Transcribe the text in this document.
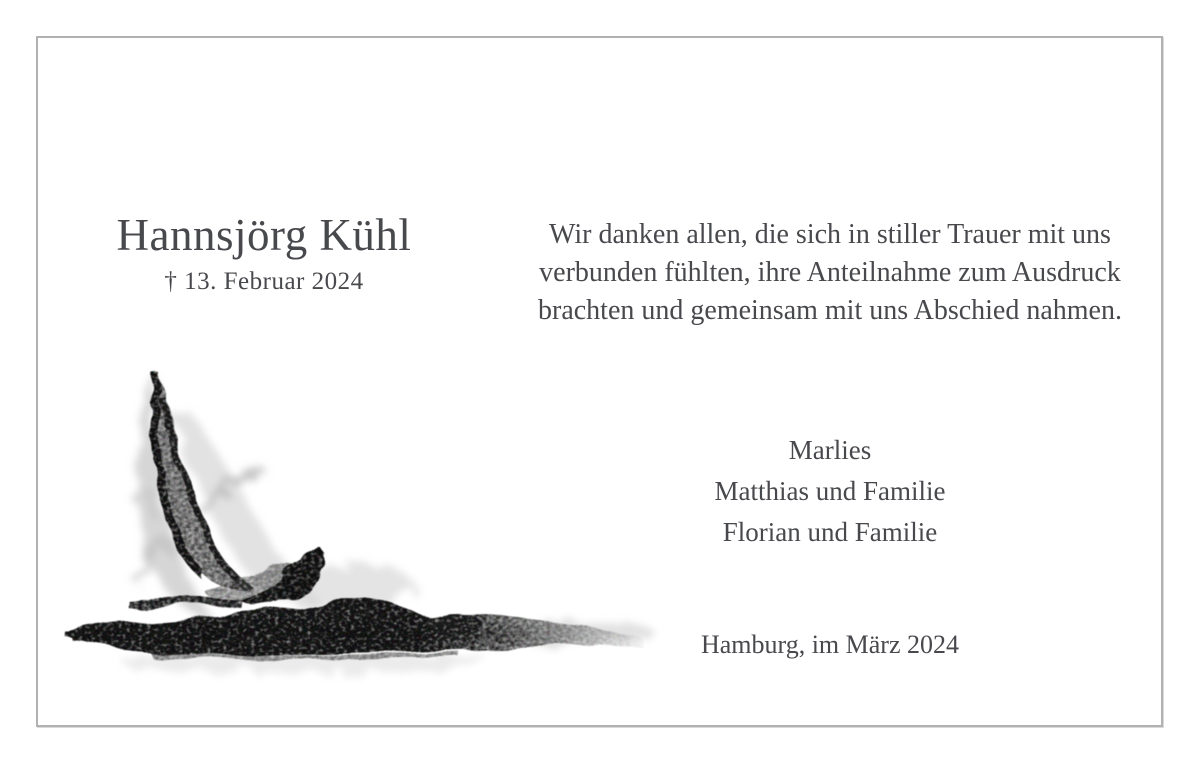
Hannsjörg Kühl
† 13. Februar 2024
Wir danken allen, die sich in stiller Trauer mit uns
verbunden fühlten, ihre Anteilnahme zum Ausdruck
brachten und gemeinsam mit uns Abschied nahmen.
Marlies
Matthias und Familie
Florian und Familie
Hamburg, im März 2024
